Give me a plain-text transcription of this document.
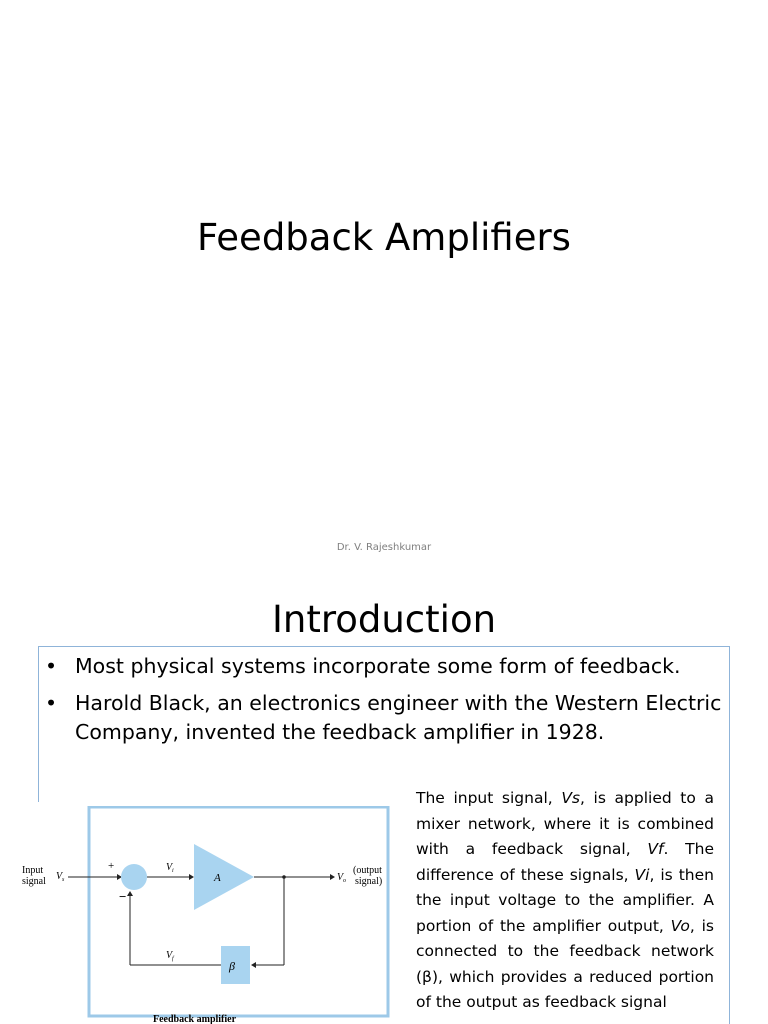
Feedback Amplifiers
Dr. V. Rajeshkumar
Introduction
• Most physical systems incorporate some form of feedback.
• Harold Black, an electronics engineer with the Western Electric Company, invented the feedback amplifier in 1928.
Input
signal V s
+
−
V i
A	V o
(output
signal)
β
V f
Feedback amplifier

The input signal, Vs, is applied to a mixer network, where it is combined with a feedback signal, Vf. The difference of these signals, Vi, is then the input voltage to the amplifier. A portion of the amplifier output, Vo, is connected to the feedback network (β), which provides a reduced portion of the output as feedback signal
